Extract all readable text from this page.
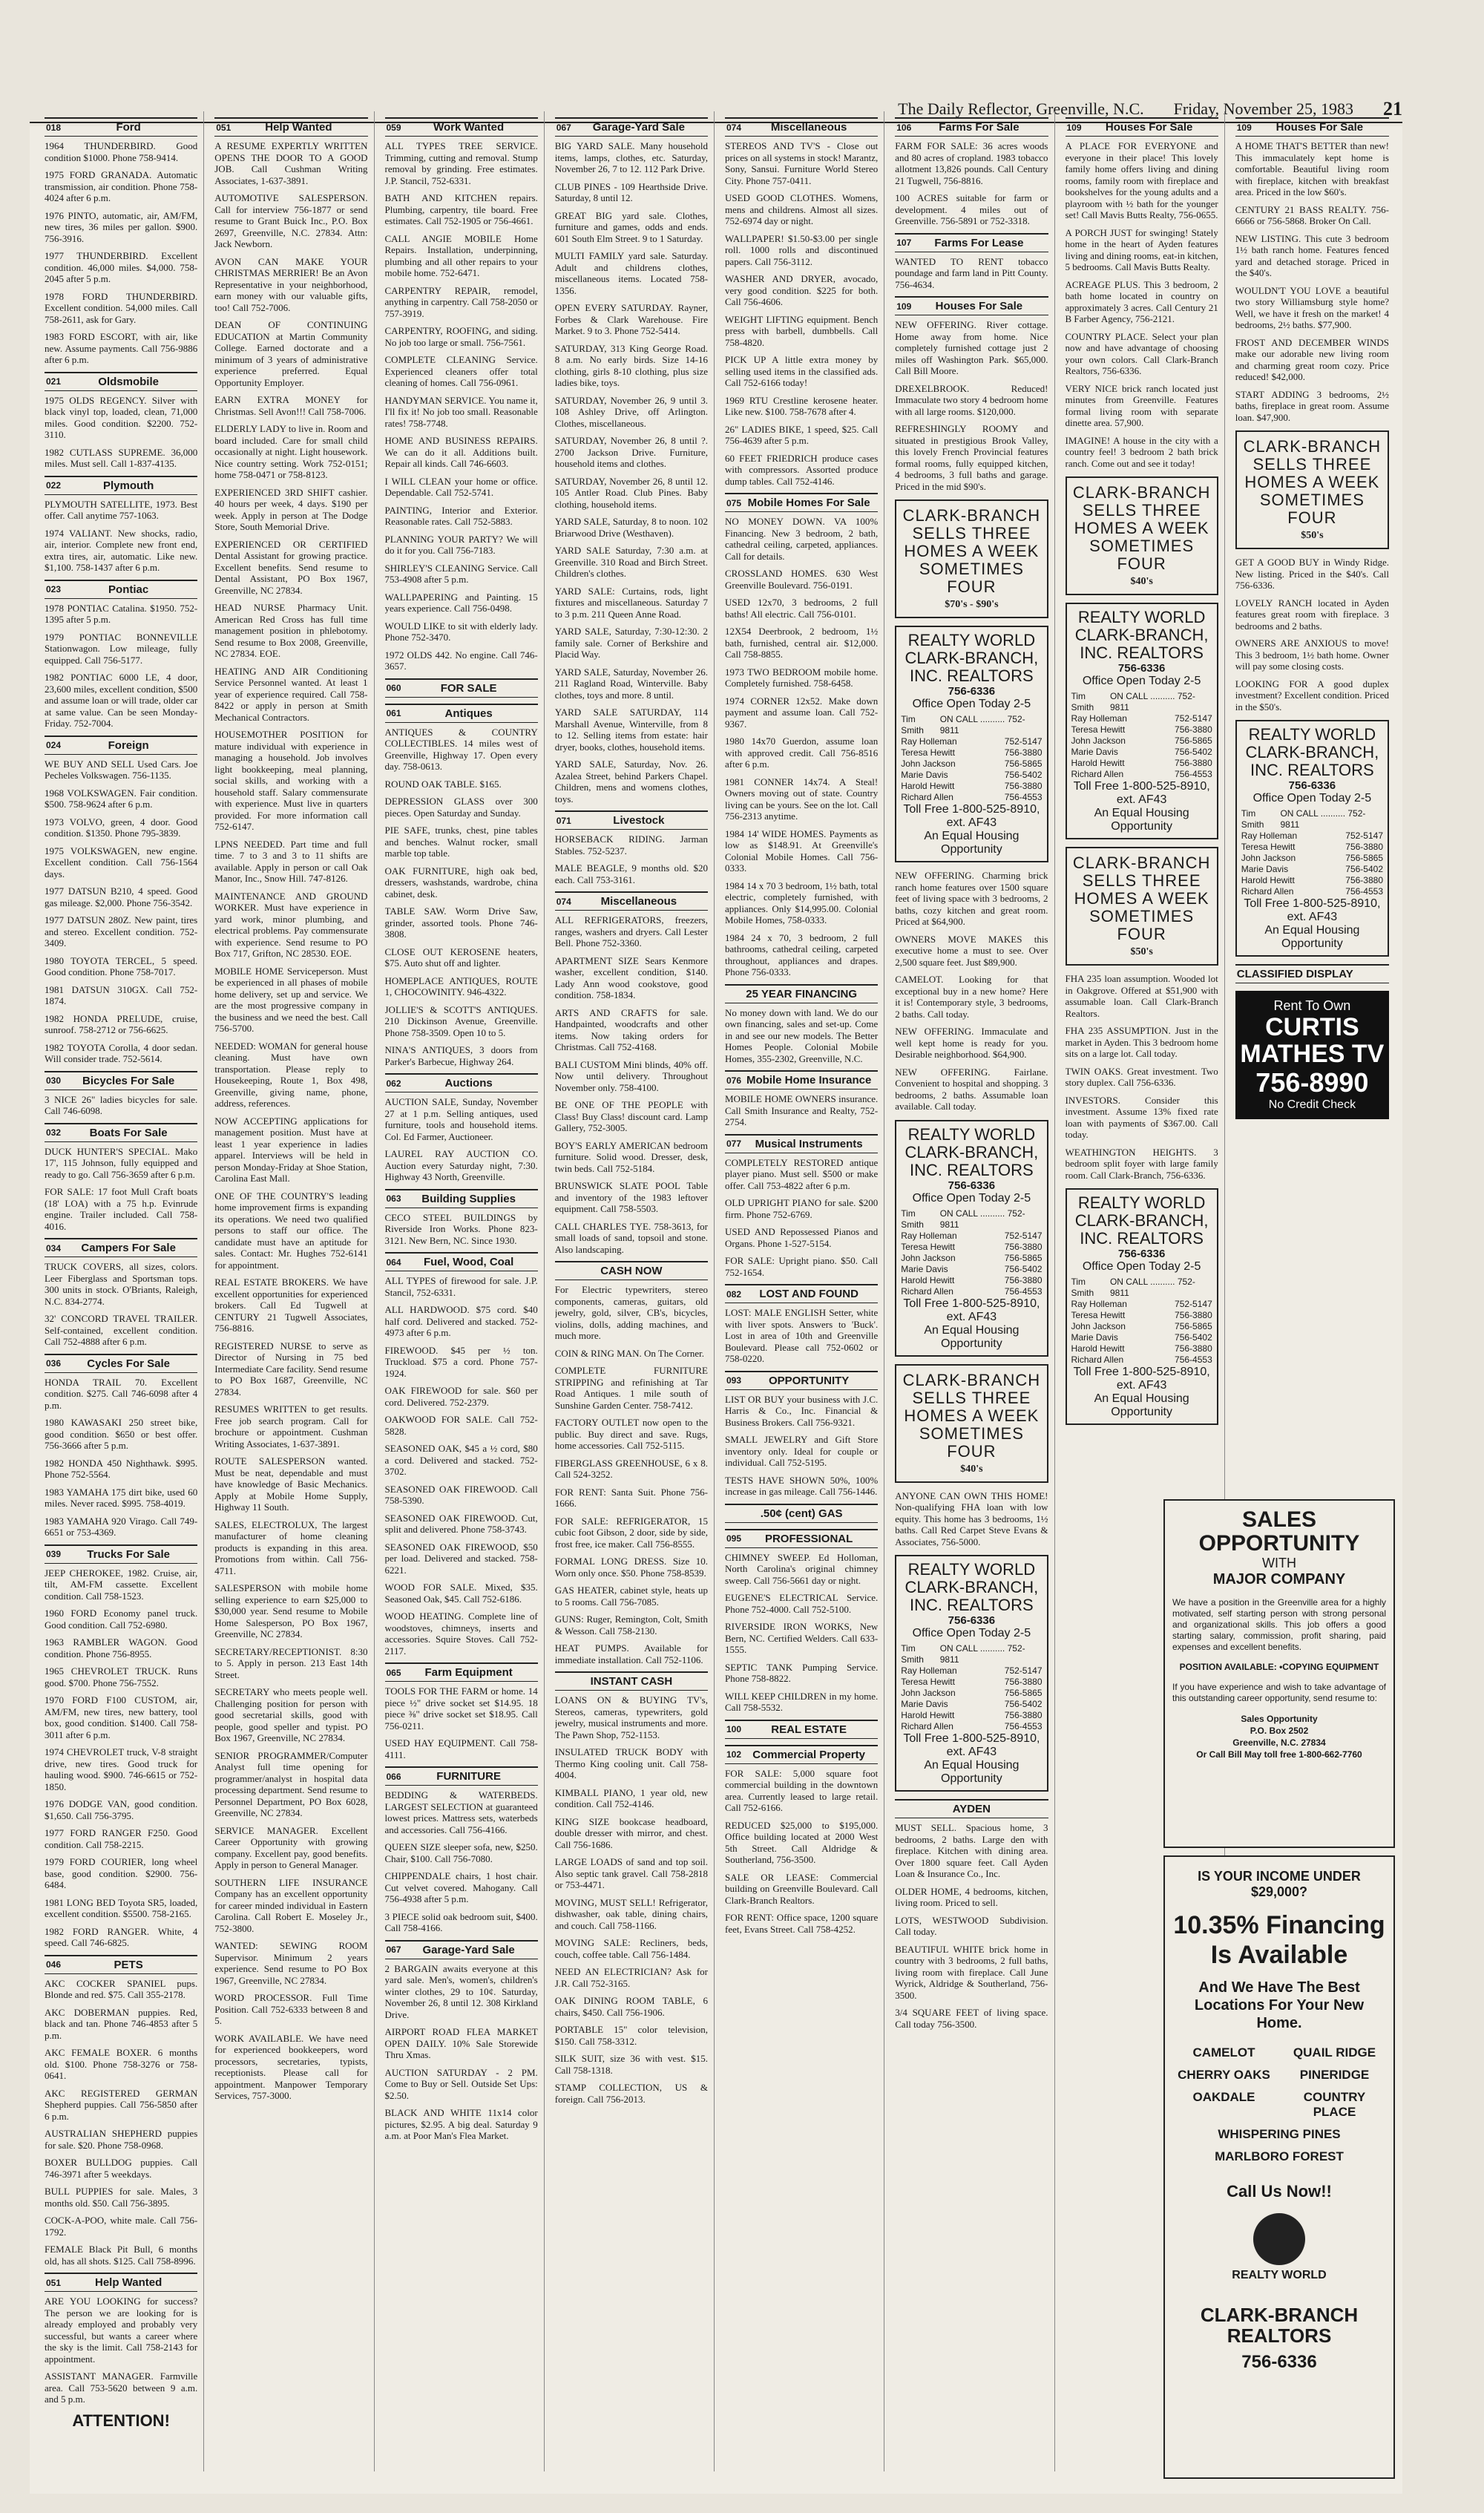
The Daily Reflector, Greenville, N.C. Friday, November 25, 1983 21
018	Ford

1964 THUNDERBIRD. Good condition $1000. Phone 758-9414.

1975 FORD GRANADA. Automatic transmission, air condition. Phone 758-4024 after 6 p.m.

1976 PINTO, automatic, air, AM/FM, new tires, 36 miles per gallon. $900. 756-3916.

1977 THUNDERBIRD. Excellent condition. 46,000 miles. $4,000. 758-2045 after 5 p.m.

1978 FORD THUNDERBIRD. Excellent condition. 54,000 miles. Call 758-2611, ask for Gary.

1983 FORD ESCORT, with air, like new. Assume payments. Call 756-9886 after 6 p.m.

021	Oldsmobile

1975 OLDS REGENCY. Silver with black vinyl top, loaded, clean, 71,000 miles. Good condition. $2200. 752-3110.

1982 CUTLASS SUPREME. 36,000 miles. Must sell. Call 1-837-4135.

022	Plymouth

PLYMOUTH SATELLITE, 1973. Best offer. Call anytime 757-1063.

1974 VALIANT. New shocks, radio, air, interior. Complete new front end, extra tires, air, automatic. Like new. $1,100. 758-1437 after 6 p.m.

023	Pontiac

1978 PONTIAC Catalina. $1950. 752-1395 after 5 p.m.

1979 PONTIAC BONNEVILLE Stationwagon. Low mileage, fully equipped. Call 756-5177.

1982 PONTIAC 6000 LE, 4 door, 23,600 miles, excellent condition, $500 and assume loan or will trade, older car at same value. Can be seen Monday-Friday. 752-7004.

024	Foreign

WE BUY AND SELL Used Cars. Joe Pecheles Volkswagen. 756-1135.

1968 VOLKSWAGEN. Fair condition. $500. 758-9624 after 6 p.m.

1973 VOLVO, green, 4 door. Good condition. $1350. Phone 795-3839.

1975 VOLKSWAGEN, new engine. Excellent condition. Call 756-1564 days.

1977 DATSUN B210, 4 speed. Good gas mileage. $2,000. Phone 756-3542.

1977 DATSUN 280Z. New paint, tires and stereo. Excellent condition. 752-3409.

1980 TOYOTA TERCEL, 5 speed. Good condition. Phone 758-7017.

1981 DATSUN 310GX. Call 752-1874.

1982 HONDA PRELUDE, cruise, sunroof. 758-2712 or 756-6625.

1982 TOYOTA Corolla, 4 door sedan. Will consider trade. 752-5614.

030 Bicycles For Sale

3 NICE 26" ladies bicycles for sale. Call 746-6098.

032	Boats For Sale

DUCK HUNTER'S SPECIAL. Mako 17', 115 Johnson, fully equipped and ready to go. Call 756-3659 after 6 p.m.

FOR SALE: 17 foot Mull Craft boats (18' LOA) with a 75 h.p. Evinrude engine. Trailer included. Call 758-4016.

034 Campers For Sale

TRUCK COVERS, all sizes, colors. Leer Fiberglass and Sportsman tops. 300 units in stock. O'Briants, Raleigh, N.C. 834-2774.

32' CONCORD TRAVEL TRAILER. Self-contained, excellent condition. Call 752-4888 after 6 p.m.

036 Cycles For Sale

HONDA TRAIL 70. Excellent condition. $275. Call 746-6098 after 4 p.m.

1980 KAWASAKI 250 street bike, good condition. $650 or best offer. 756-3666 after 5 p.m.

1982 HONDA 450 Nighthawk. $995. Phone 752-5564.

1983 YAMAHA 175 dirt bike, used 60 miles. Never raced. $995. 758-4019.

1983 YAMAHA 920 Virago. Call 749-6651 or 753-4369.

039 Trucks For Sale

JEEP CHEROKEE, 1982. Cruise, air, tilt, AM-FM cassette. Excellent condition. Call 758-1523.

1960 FORD Economy panel truck. Good condition. Call 752-6980.

1963 RAMBLER WAGON. Good condition. Phone 756-8955.

1965 CHEVROLET TRUCK. Runs good. $700. Phone 756-7552.

1970 FORD F100 CUSTOM, air, AM/FM, new tires, new battery, tool box, good condition. $1400. Call 758-3011 after 6 p.m.

1974 CHEVROLET truck, V-8 straight drive, new tires. Good truck for hauling wood. $900. 746-6615 or 752-1850.

1976 DODGE VAN, good condition. $1,650. Call 756-3795.

1977 FORD RANGER F250. Good condition. Call 758-2215.

1979 FORD COURIER, long wheel base, good condition. $2900. 756-6484.

1981 LONG BED Toyota SR5, loaded, excellent condition. $5500. 758-2165.

1982 FORD RANGER. White, 4 speed. Call 746-6825.

046	PETS

AKC COCKER SPANIEL pups. Blonde and red. $75. Call 355-2178.

AKC DOBERMAN puppies. Red, black and tan. Phone 746-4853 after 5 p.m.

AKC FEMALE BOXER. 6 months old. $100. Phone 758-3276 or 758-0641.

AKC REGISTERED GERMAN Shepherd puppies. Call 756-5850 after 6 p.m.

AUSTRALIAN SHEPHERD puppies for sale. $20. Phone 758-0968.

BOXER BULLDOG puppies. Call 746-3971 after 5 weekdays.

BULL PUPPIES for sale. Males, 3 months old. $50. Call 756-3895.

COCK-A-POO, white male. Call 756-1792.

FEMALE Black Pit Bull, 6 months old, has all shots. $125. Call 758-8996.

051	Help Wanted

ARE YOU LOOKING for success? The person we are looking for is already employed and probably very successful, but wants a career where the sky is the limit. Call 758-2143 for appointment.

ASSISTANT MANAGER. Farmville area. Call 753-5620 between 9 a.m. and 5 p.m.

ATTENTION!
051	Help Wanted

A RESUME EXPERTLY WRITTEN OPENS THE DOOR TO A GOOD JOB. Call Cushman Writing Associates, 1-637-3891.

AUTOMOTIVE SALESPERSON. Call for interview 756-1877 or send resume to Grant Buick Inc., P.O. Box 2697, Greenville, N.C. 27834. Attn: Jack Newborn.

AVON CAN MAKE YOUR CHRISTMAS MERRIER! Be an Avon Representative in your neighborhood, earn money with our valuable gifts, too! Call 752-7006.

DEAN OF CONTINUING EDUCATION at Martin Community College. Earned doctorate and a minimum of 3 years of administrative experience preferred. Equal Opportunity Employer.

EARN EXTRA MONEY for Christmas. Sell Avon!!! Call 758-7006.

ELDERLY LADY to live in. Room and board included. Care for small child occasionally at night. Light housework. Nice country setting. Work 752-0151; home 758-0471 or 758-8123.

EXPERIENCED 3RD SHIFT cashier. 40 hours per week, 4 days. $190 per week. Apply in person at The Dodge Store, South Memorial Drive.

EXPERIENCED OR CERTIFIED Dental Assistant for growing practice. Excellent benefits. Send resume to Dental Assistant, PO Box 1967, Greenville, NC 27834.

HEAD NURSE Pharmacy Unit. American Red Cross has full time management position in phlebotomy. Send resume to Box 2008, Greenville, NC 27834. EOE.

HEATING AND AIR Conditioning Service Personnel wanted. At least 1 year of experience required. Call 758-8422 or apply in person at Smith Mechanical Contractors.

HOUSEMOTHER POSITION for mature individual with experience in managing a household. Job involves light bookkeeping, meal planning, social skills, and working with a household staff. Salary commensurate with experience. Must live in quarters provided. For more information call 752-6147.

LPNS NEEDED. Part time and full time. 7 to 3 and 3 to 11 shifts are available. Apply in person or call Oak Manor, Inc., Snow Hill. 747-8126.

MAINTENANCE AND GROUND WORKER. Must have experience in yard work, minor plumbing, and electrical problems. Pay commensurate with experience. Send resume to PO Box 717, Grifton, NC 28530. EOE.

MOBILE HOME Serviceperson. Must be experienced in all phases of mobile home delivery, set up and service. We are the most progressive company in the business and we need the best. Call 756-5700.

NEEDED: WOMAN for general house cleaning. Must have own transportation. Please reply to Housekeeping, Route 1, Box 498, Greenville, giving name, phone, address, references.

NOW ACCEPTING applications for management position. Must have at least 1 year experience in ladies apparel. Interviews will be held in person Monday-Friday at Shoe Station, Carolina East Mall.

ONE OF THE COUNTRY'S leading home improvement firms is expanding its operations. We need two qualified persons to staff our office. The candidate must have an aptitude for sales. Contact: Mr. Hughes 752-6141 for appointment.

REAL ESTATE BROKERS. We have excellent opportunities for experienced brokers. Call Ed Tugwell at CENTURY 21 Tugwell Associates, 756-8816.

REGISTERED NURSE to serve as Director of Nursing in 75 bed Intermediate Care facility. Send resume to PO Box 1687, Greenville, NC 27834.

RESUMES WRITTEN to get results. Free job search program. Call for brochure or appointment. Cushman Writing Associates, 1-637-3891.

ROUTE SALESPERSON wanted. Must be neat, dependable and must have knowledge of Basic Mechanics. Apply at Mobile Home Supply, Highway 11 South.

SALES, ELECTROLUX, The largest manufacturer of home cleaning products is expanding in this area. Promotions from within. Call 756-4711.

SALESPERSON with mobile home selling experience to earn $25,000 to $30,000 year. Send resume to Mobile Home Salesperson, PO Box 1967, Greenville, NC 27834.

SECRETARY/RECEPTIONIST. 8:30 to 5. Apply in person. 213 East 14th Street.

SECRETARY who meets people well. Challenging position for person with good secretarial skills, good with people, good speller and typist. PO Box 1967, Greenville, NC 27834.

SENIOR PROGRAMMER/Computer Analyst full time opening for programmer/analyst in hospital data processing department. Send resume to Personnel Department, PO Box 6028, Greenville, NC 27834.

SERVICE MANAGER. Excellent Career Opportunity with growing company. Excellent pay, good benefits. Apply in person to General Manager.

SOUTHERN LIFE INSURANCE Company has an excellent opportunity for career minded individual in Eastern Carolina. Call Robert E. Moseley Jr., 752-3800.

WANTED: SEWING ROOM Supervisor. Minimum 2 years experience. Send resume to PO Box 1967, Greenville, NC 27834.

WORD PROCESSOR. Full Time Position. Call 752-6333 between 8 and 5.

WORK AVAILABLE. We have need for experienced bookkeepers, word processors, secretaries, typists, receptionists. Please call for appointment. Manpower Temporary Services, 757-3000.

059	Work Wanted

ALL TYPES TREE SERVICE. Trimming, cutting and removal. Stump removal by grinding. Free estimates. J.P. Stancil, 752-6331.

BATH AND KITCHEN repairs. Plumbing, carpentry, tile board. Free estimates. Call 752-1905 or 756-4661.

CALL ANGIE MOBILE Home Repairs. Installation, underpinning, plumbing and all other repairs to your mobile home. 752-6471.

CARPENTRY REPAIR, remodel, anything in carpentry. Call 758-2050 or 757-3919.

CARPENTRY, ROOFING, and siding. No job too large or small. 756-7561.

COMPLETE CLEANING Service. Experienced cleaners offer total cleaning of homes. Call 756-0961.

HANDYMAN SERVICE. You name it, I'll fix it! No job too small. Reasonable rates! 758-7748.

HOME AND BUSINESS REPAIRS. We can do it all. Additions built. Repair all kinds. Call 746-6603.

I WILL CLEAN your home or office. Dependable. Call 752-5741.

PAINTING, Interior and Exterior. Reasonable rates. Call 752-5883.

PLANNING YOUR PARTY? We will do it for you. Call 756-7183.

SHIRLEY'S CLEANING Service. Call 753-4908 after 5 p.m.

WALLPAPERING and Painting. 15 years experience. Call 756-0498.

WOULD LIKE to sit with elderly lady. Phone 752-3470.

1972 OLDS 442. No engine. Call 746-3657.

060	FOR SALE
061	Antiques

ANTIQUES & COUNTRY COLLECTIBLES. 14 miles west of Greenville, Highway 17. Open every day. 758-0613.

ROUND OAK TABLE. $165.

DEPRESSION GLASS over 300 pieces. Open Saturday and Sunday.

PIE SAFE, trunks, chest, pine tables and benches. Walnut rocker, small marble top table.

OAK FURNITURE, high oak bed, dressers, washstands, wardrobe, china cabinet, desk.

TABLE SAW. Worm Drive Saw, grinder, assorted tools. Phone 746-3808.

CLOSE OUT KEROSENE heaters, $75. Auto shut off and lighter.

HOMEPLACE ANTIQUES, ROUTE 1, CHOCOWINITY. 946-4322.

JOLLIE'S & SCOTT'S ANTIQUES. 210 Dickinson Avenue, Greenville. Phone 758-3509. Open 10 to 5.

NINA'S ANTIQUES, 3 doors from Parker's Barbecue, Highway 264.

062	Auctions

AUCTION SALE, Sunday, November 27 at 1 p.m. Selling antiques, used furniture, tools and household items. Col. Ed Farmer, Auctioneer.

LAUREL RAY AUCTION CO. Auction every Saturday night, 7:30. Highway 43 North, Greenville.

063 Building Supplies

CECO STEEL BUILDINGS by Riverside Iron Works. Phone 823-3121. New Bern, NC. Since 1930.

064 Fuel, Wood, Coal

ALL TYPES of firewood for sale. J.P. Stancil, 752-6331.

ALL HARDWOOD. $75 cord. $40 half cord. Delivered and stacked. 752-4973 after 6 p.m.

FIREWOOD. $45 per ½ ton. Truckload. $75 a cord. Phone 757-1924.

OAK FIREWOOD for sale. $60 per cord. Delivered. 752-2379.

OAKWOOD FOR SALE. Call 752-5828.

SEASONED OAK, $45 a ½ cord, $80 a cord. Delivered and stacked. 752-3702.

SEASONED OAK FIREWOOD. Call 758-5390.

SEASONED OAK FIREWOOD. Cut, split and delivered. Phone 758-3743.

SEASONED OAK FIREWOOD, $50 per load. Delivered and stacked. 758-6221.

WOOD FOR SALE. Mixed, $35. Seasoned Oak, $45. Call 752-6186.

WOOD HEATING. Complete line of woodstoves, chimneys, inserts and accessories. Squire Stoves. Call 752-2117.

065 Farm Equipment

TOOLS FOR THE FARM or home. 14 piece ½" drive socket set $14.95. 18 piece ⅜" drive socket set $18.95. Call 756-0211.

USED HAY EQUIPMENT. Call 758-4111.

066	FURNITURE

BEDDING & WATERBEDS. LARGEST SELECTION at guaranteed lowest prices. Mattress sets, waterbeds and accessories. Call 756-4166.

QUEEN SIZE sleeper sofa, new, $250. Chair, $100. Call 756-7080.

CHIPPENDALE chairs, 1 host chair. Cut velvet covered. Mahogany. Call 756-4938 after 5 p.m.

3 PIECE solid oak bedroom suit, $400. Call 758-4166.

067 Garage-Yard Sale

2 BARGAIN awaits everyone at this yard sale. Men's, women's, children's winter clothes, 29 to 10¢. Saturday, November 26, 8 until 12. 308 Kirkland Drive.

AIRPORT ROAD FLEA MARKET OPEN DAILY. 10% Sale Storewide Thru Xmas.

AUCTION SATURDAY - 2 PM. Come to Buy or Sell. Outside Set Ups: $2.50.

BLACK AND WHITE 11x14 color pictures, $2.95. A big deal. Saturday 9 a.m. at Poor Man's Flea Market.

067 Garage-Yard Sale

BIG YARD SALE. Many household items, lamps, clothes, etc. Saturday, November 26, 7 to 12. 112 Park Drive.

CLUB PINES - 109 Hearthside Drive. Saturday, 8 until 12.

GREAT BIG yard sale. Clothes, furniture and games, odds and ends. 601 South Elm Street. 9 to 1 Saturday.

MULTI FAMILY yard sale. Saturday. Adult and childrens clothes, miscellaneous items. Located 758-1356.

OPEN EVERY SATURDAY. Rayner, Forbes & Clark Warehouse. Fire Market. 9 to 3. Phone 752-5414.

SATURDAY, 313 King George Road. 8 a.m. No early birds. Size 14-16 clothing, girls 8-10 clothing, plus size ladies bike, toys.

SATURDAY, November 26, 9 until 3. 108 Ashley Drive, off Arlington. Clothes, miscellaneous.

SATURDAY, November 26, 8 until ?. 2700 Jackson Drive. Furniture, household items and clothes.

SATURDAY, November 26, 8 until 12. 105 Antler Road. Club Pines. Baby clothing, household items.

YARD SALE, Saturday, 8 to noon. 102 Briarwood Drive (Westhaven).

YARD SALE Saturday, 7:30 a.m. at Greenville. 310 Road and Birch Street. Children's clothes.

YARD SALE: Curtains, rods, light fixtures and miscellaneous. Saturday 7 to 3 p.m. 211 Queen Anne Road.

YARD SALE, Saturday, 7:30-12:30. 2 family sale. Corner of Berkshire and Placid Way.

YARD SALE, Saturday, November 26. 211 Ragland Road, Winterville. Baby clothes, toys and more. 8 until.

YARD SALE SATURDAY, 114 Marshall Avenue, Winterville, from 8 to 12. Selling items from estate: hair dryer, books, clothes, household items.

YARD SALE, Saturday, Nov. 26. Azalea Street, behind Parkers Chapel. Children, mens and womens clothes, toys.

071	Livestock

HORSEBACK RIDING. Jarman Stables. 752-5237.

MALE BEAGLE, 9 months old. $20 each. Call 753-3161.

074	Miscellaneous

ALL REFRIGERATORS, freezers, ranges, washers and dryers. Call Lester Bell. Phone 752-3360.

APARTMENT SIZE Sears Kenmore washer, excellent condition, $140. Lady Ann wood cookstove, good condition. 758-1834.

ARTS AND CRAFTS for sale. Handpainted, woodcrafts and other items. Now taking orders for Christmas. Call 752-4168.

BALI CUSTOM Mini blinds, 40% off. Now until delivery. Throughout November only. 758-4100.

BE ONE OF THE PEOPLE with Class! Buy Class! discount card. Lamp Gallery, 752-3005.

BOY'S EARLY AMERICAN bedroom furniture. Solid wood. Dresser, desk, twin beds. Call 752-5184.

BRUNSWICK SLATE POOL Table and inventory of the 1983 leftover equipment. Call 758-5503.

CALL CHARLES TYE. 758-3613, for small loads of sand, topsoil and stone. Also landscaping.

CASH NOW

For Electric typewriters, stereo components, cameras, guitars, old jewelry, gold, silver, CB's, bicycles, violins, dolls, adding machines, and much more.

COIN & RING MAN. On The Corner.

COMPLETE FURNITURE STRIPPING and refinishing at Tar Road Antiques. 1 mile south of Sunshine Garden Center. 758-7412.

FACTORY OUTLET now open to the public. Buy direct and save. Rugs, home accessories. Call 752-5115.

FIBERGLASS GREENHOUSE, 6 x 8. Call 524-3252.

FOR RENT: Santa Suit. Phone 756-1666.

FOR SALE: REFRIGERATOR, 15 cubic foot Gibson, 2 door, side by side, frost free, ice maker. Call 756-8555.

FORMAL LONG DRESS. Size 10. Worn only once. $50. Phone 758-8539.

GAS HEATER, cabinet style, heats up to 5 rooms. Call 756-7085.

GUNS: Ruger, Remington, Colt, Smith & Wesson. Call 758-2130.

HEAT PUMPS. Available for immediate installation. Call 752-1106.

INSTANT CASH

LOANS ON & BUYING TV's, Stereos, cameras, typewriters, gold jewelry, musical instruments and more. The Pawn Shop, 752-1153.

INSULATED TRUCK BODY with Thermo King cooling unit. Call 758-4004.

KIMBALL PIANO, 1 year old, new condition. Call 752-4146.

KING SIZE bookcase headboard, double dresser with mirror, and chest. Call 756-1686.

LARGE LOADS of sand and top soil. Also septic tank gravel. Call 758-2818 or 753-4471.

MOVING, MUST SELL! Refrigerator, dishwasher, oak table, dining chairs, and couch. Call 758-1166.

MOVING SALE: Recliners, beds, couch, coffee table. Call 756-1484.

NEED AN ELECTRICIAN? Ask for J.R. Call 752-3165.

OAK DINING ROOM TABLE, 6 chairs, $450. Call 756-1906.

PORTABLE 15" color television, $150. Call 758-3312.

SILK SUIT, size 36 with vest. $15. Call 758-1318.

STAMP COLLECTION, US & foreign. Call 756-2013.

074	Miscellaneous

STEREOS AND TV'S - Close out prices on all systems in stock! Marantz, Sony, Sansui. Furniture World Stereo City. Phone 757-0411.

USED GOOD CLOTHES. Womens, mens and childrens. Almost all sizes. 752-6974 day or night.

WALLPAPER! $1.50-$3.00 per single roll. 1000 rolls and discontinued papers. Call 756-3112.

WASHER AND DRYER, avocado, very good condition. $225 for both. Call 756-4606.

WEIGHT LIFTING equipment. Bench press with barbell, dumbbells. Call 758-4820.

PICK UP A little extra money by selling used items in the classified ads. Call 752-6166 today!

1969 RTU Crestline kerosene heater. Like new. $100. 758-7678 after 4.

26" LADIES BIKE, 1 speed, $25. Call 756-4639 after 5 p.m.

60 FEET FRIEDRICH produce cases with compressors. Assorted produce dump tables. Call 752-4146.

075 Mobile Homes For Sale

NO MONEY DOWN. VA 100% Financing. New 3 bedroom, 2 bath, cathedral ceiling, carpeted, appliances. Call for details.

CROSSLAND HOMES. 630 West Greenville Boulevard. 756-0191.

USED 12x70, 3 bedrooms, 2 full baths! All electric. Call 756-0101.

12X54 Deerbrook, 2 bedroom, 1½ bath, furnished, central air. $12,000. Call 758-8855.

1973 TWO BEDROOM mobile home. Completely furnished. 758-6458.

1974 CORNER 12x52. Make down payment and assume loan. Call 752-9367.

1980 14x70 Guerdon, assume loan with approved credit. Call 756-8516 after 6 p.m.

1981 CONNER 14x74. A Steal! Owners moving out of state. Country living can be yours. See on the lot. Call 756-2313 anytime.

1984 14' WIDE HOMES. Payments as low as $148.91. At Greenville's Colonial Mobile Homes. Call 756-0333.

1984 14 x 70 3 bedroom, 1½ bath, total electric, completely furnished, with appliances. Only $14,995.00. Colonial Mobile Homes, 758-0333.

1984 24 x 70, 3 bedroom, 2 full bathrooms, cathedral ceiling, carpeted throughout, appliances and drapes. Phone 756-0333.

25 YEAR FINANCING

No money down with land. We do our own financing, sales and set-up. Come in and see our new models. The Better Homes People. Colonial Mobile Homes, 355-2302, Greenville, N.C.

076 Mobile Home Insurance

MOBILE HOME OWNERS insurance. Call Smith Insurance and Realty, 752-2754.

077 Musical Instruments

COMPLETELY RESTORED antique player piano. Must sell. $500 or make offer. Call 753-4822 after 6 p.m.

OLD UPRIGHT PIANO for sale. $200 firm. Phone 752-6769.

USED AND Repossessed Pianos and Organs. Phone 1-527-5154.

FOR SALE: Upright piano. $50. Call 752-1654.

082 LOST AND FOUND

LOST: MALE ENGLISH Setter, white with liver spots. Answers to 'Buck'. Lost in area of 10th and Greenville Boulevard. Please call 752-0602 or 758-0220.

093 OPPORTUNITY

LIST OR BUY your business with J.C. Harris & Co., Inc. Financial & Business Brokers. Call 756-9321.

SMALL JEWELRY and Gift Store inventory only. Ideal for couple or individual. Call 752-5195.

TESTS HAVE SHOWN 50%, 100% increase in gas mileage. Call 756-1446.

.50¢ (cent) GAS
095 PROFESSIONAL

CHIMNEY SWEEP. Ed Holloman, North Carolina's original chimney sweep. Call 756-5661 day or night.

EUGENE'S ELECTRICAL Service. Phone 752-4000. Call 752-5100.

RIVERSIDE IRON WORKS, New Bern, NC. Certified Welders. Call 633-1555.

SEPTIC TANK Pumping Service. Phone 758-8822.

WILL KEEP CHILDREN in my home. Call 758-5532.

100	REAL ESTATE
102 Commercial Property

FOR SALE: 5,000 square foot commercial building in the downtown area. Currently leased to large retail. Call 752-6166.

REDUCED $25,000 to $195,000. Office building located at 2000 West 5th Street. Call Aldridge & Southerland, 756-3500.

SALE OR LEASE: Commercial building on Greenville Boulevard. Call Clark-Branch Realtors.

FOR RENT: Office space, 1200 square feet, Evans Street. Call 758-4252.

106 Farms For Sale

FARM FOR SALE: 36 acres woods and 80 acres of cropland. 1983 tobacco allotment 13,826 pounds. Call Century 21 Tugwell, 756-8816.

100 ACRES suitable for farm or development. 4 miles out of Greenville. 756-5891 or 752-3318.

107 Farms For Lease

WANTED TO RENT tobacco poundage and farm land in Pitt County. 756-4634.

109 Houses For Sale

NEW OFFERING. River cottage. Home away from home. Nice completely furnished cottage just 2 miles off Washington Park. $65,000. Call Bill Moore.

DREXELBROOK. Reduced! Immaculate two story 4 bedroom home with all large rooms. $120,000.

REFRESHINGLY ROOMY and situated in prestigious Brook Valley, this lovely French Provincial features formal rooms, fully equipped kitchen, 4 bedrooms, 3 full baths and garage. Priced in the mid $90's.

CLARK-BRANCH SELLS THREE HOMES A WEEK SOMETIMES FOUR
$70's - $90's
REALTY WORLD CLARK-BRANCH, INC. REALTORS
756-6336
Office Open Today 2-5
Tim Smith
ON CALL .......... 752-9811
Ray Holleman	752-5147
Teresa Hewitt	756-3880
John Jackson	756-5865
Marie Davis	756-5402
Harold Hewitt	756-3880
Richard Allen	756-4553
Toll Free 1-800-525-8910, ext. AF43
An Equal Housing Opportunity

NEW OFFERING. Charming brick ranch home features over 1500 square feet of living space with 3 bedrooms, 2 baths, cozy kitchen and great room. Priced at $64,900.

OWNERS MOVE MAKES this executive home a must to see. Over 2,500 square feet. Just $89,900.

CAMELOT. Looking for that exceptional buy in a new home? Here it is! Contemporary style, 3 bedrooms, 2 baths. Call today.

NEW OFFERING. Immaculate and well kept home is ready for you. Desirable neighborhood. $64,900.

NEW OFFERING. Fairlane. Convenient to hospital and shopping. 3 bedrooms, 2 baths. Assumable loan available. Call today.

REALTY WORLD CLARK-BRANCH, INC. REALTORS
756-6336
Office Open Today 2-5
Tim Smith
ON CALL .......... 752-9811
Ray Holleman	752-5147
Teresa Hewitt	756-3880
John Jackson	756-5865
Marie Davis	756-5402
Harold Hewitt	756-3880
Richard Allen	756-4553
Toll Free 1-800-525-8910, ext. AF43
An Equal Housing Opportunity
CLARK-BRANCH SELLS THREE HOMES A WEEK SOMETIMES FOUR
$40's

ANYONE CAN OWN THIS HOME! Non-qualifying FHA loan with low equity. This home has 3 bedrooms, 1½ baths. Call Red Carpet Steve Evans & Associates, 756-5000.

REALTY WORLD CLARK-BRANCH, INC. REALTORS
756-6336
Office Open Today 2-5
Tim Smith
ON CALL .......... 752-9811
Ray Holleman	752-5147
Teresa Hewitt	756-3880
John Jackson	756-5865
Marie Davis	756-5402
Harold Hewitt	756-3880
Richard Allen	756-4553
Toll Free 1-800-525-8910, ext. AF43
An Equal Housing Opportunity
AYDEN

MUST SELL. Spacious home, 3 bedrooms, 2 baths. Large den with fireplace. Kitchen with dining area. Over 1800 square feet. Call Ayden Loan & Insurance Co., Inc.

OLDER HOME, 4 bedrooms, kitchen, living room. Priced to sell.

LOTS, WESTWOOD Subdivision. Call today.

BEAUTIFUL WHITE brick home in country with 3 bedrooms, 2 full baths, living room with fireplace. Call June Wyrick, Aldridge & Southerland, 756-3500.

3/4 SQUARE FEET of living space. Call today 756-3500.

109 Houses For Sale

A PLACE FOR EVERYONE and everyone in their place! This lovely family home offers living and dining rooms, family room with fireplace and bookshelves for the young adults and a playroom with ½ bath for the younger set! Call Mavis Butts Realty, 756-0655.

A PORCH JUST for swinging! Stately home in the heart of Ayden features living and dining rooms, eat-in kitchen, 5 bedrooms. Call Mavis Butts Realty.

ACREAGE PLUS. This 3 bedroom, 2 bath home located in country on approximately 3 acres. Call Century 21 B Farber Agency, 756-2121.

COUNTRY PLACE. Select your plan now and have advantage of choosing your own colors. Call Clark-Branch Realtors, 756-6336.

VERY NICE brick ranch located just minutes from Greenville. Features formal living room with separate dinette area. 57,900.

IMAGINE! A house in the city with a country feel! 3 bedroom 2 bath brick ranch. Come out and see it today!

CLARK-BRANCH SELLS THREE HOMES A WEEK SOMETIMES FOUR
$40's
REALTY WORLD CLARK-BRANCH, INC. REALTORS
756-6336
Office Open Today 2-5
Tim Smith
ON CALL .......... 752-9811
Ray Holleman	752-5147
Teresa Hewitt	756-3880
John Jackson	756-5865
Marie Davis	756-5402
Harold Hewitt	756-3880
Richard Allen	756-4553
Toll Free 1-800-525-8910, ext. AF43
An Equal Housing Opportunity
CLARK-BRANCH SELLS THREE HOMES A WEEK SOMETIMES FOUR
$50's

FHA 235 loan assumption. Wooded lot in Oakgrove. Offered at $51,900 with assumable loan. Call Clark-Branch Realtors.

FHA 235 ASSUMPTION. Just in the market in Ayden. This 3 bedroom home sits on a large lot. Call today.

TWIN OAKS. Great investment. Two story duplex. Call 756-6336.

INVESTORS. Consider this investment. Assume 13% fixed rate loan with payments of $367.00. Call today.

WEATHINGTON HEIGHTS. 3 bedroom split foyer with large family room. Call Clark-Branch, 756-6336.

REALTY WORLD CLARK-BRANCH, INC. REALTORS
756-6336
Office Open Today 2-5
Tim Smith
ON CALL .......... 752-9811
Ray Holleman	752-5147
Teresa Hewitt	756-3880
John Jackson	756-5865
Marie Davis	756-5402
Harold Hewitt	756-3880
Richard Allen	756-4553
Toll Free 1-800-525-8910, ext. AF43
An Equal Housing Opportunity
109 Houses For Sale

A HOME THAT'S BETTER than new! This immaculately kept home is comfortable. Beautiful living room with fireplace, kitchen with breakfast area. Priced in the low $60's.

CENTURY 21 BASS REALTY. 756-6666 or 756-5868. Broker On Call.

NEW LISTING. This cute 3 bedroom 1½ bath ranch home. Features fenced yard and detached storage. Priced in the $40's.

WOULDN'T YOU LOVE a beautiful two story Williamsburg style home? Well, we have it fresh on the market! 4 bedrooms, 2½ baths. $77,900.

FROST AND DECEMBER WINDS make our adorable new living room and charming great room cozy. Price reduced! $42,000.

START ADDING 3 bedrooms, 2½ baths, fireplace in great room. Assume loan. $47,900.

CLARK-BRANCH SELLS THREE HOMES A WEEK SOMETIMES FOUR
$50's

GET A GOOD BUY in Windy Ridge. New listing. Priced in the $40's. Call 756-6336.

LOVELY RANCH located in Ayden features great room with fireplace. 3 bedrooms and 2 baths.

OWNERS ARE ANXIOUS to move! This 3 bedroom, 1½ bath home. Owner will pay some closing costs.

LOOKING FOR A good duplex investment? Excellent condition. Priced in the $50's.

REALTY WORLD CLARK-BRANCH, INC. REALTORS
756-6336
Office Open Today 2-5
Tim Smith
ON CALL .......... 752-9811
Ray Holleman	752-5147
Teresa Hewitt	756-3880
John Jackson	756-5865
Marie Davis	756-5402
Harold Hewitt	756-3880
Richard Allen	756-4553
Toll Free 1-800-525-8910, ext. AF43
An Equal Housing Opportunity
CLASSIFIED DISPLAY
Rent To Own
CURTIS MATHES TV
756-8990
No Credit Check
SALES OPPORTUNITY
WITH
MAJOR COMPANY

We have a position in the Greenville area for a highly motivated, self starting person with strong personal and organizational skills. This job offers a good starting salary, commission, profit sharing, paid expenses and excellent benefits.

POSITION AVAILABLE: •COPYING EQUIPMENT

If you have experience and wish to take advantage of this outstanding career opportunity, send resume to:

Sales Opportunity
P.O. Box 2502
Greenville, N.C. 27834
Or Call Bill May toll free 1-800-662-7760
IS YOUR INCOME UNDER $29,000?
10.35% Financing Is Available
And We Have The Best Locations For Your New Home.
CAMELOT	QUAIL RIDGE
CHERRY OAKS	PINERIDGE
OAKDALE	COUNTRY PLACE
WHISPERING PINES
MARLBORO FOREST
Call Us Now!!
REALTY WORLD
CLARK-BRANCH REALTORS
756-6336
